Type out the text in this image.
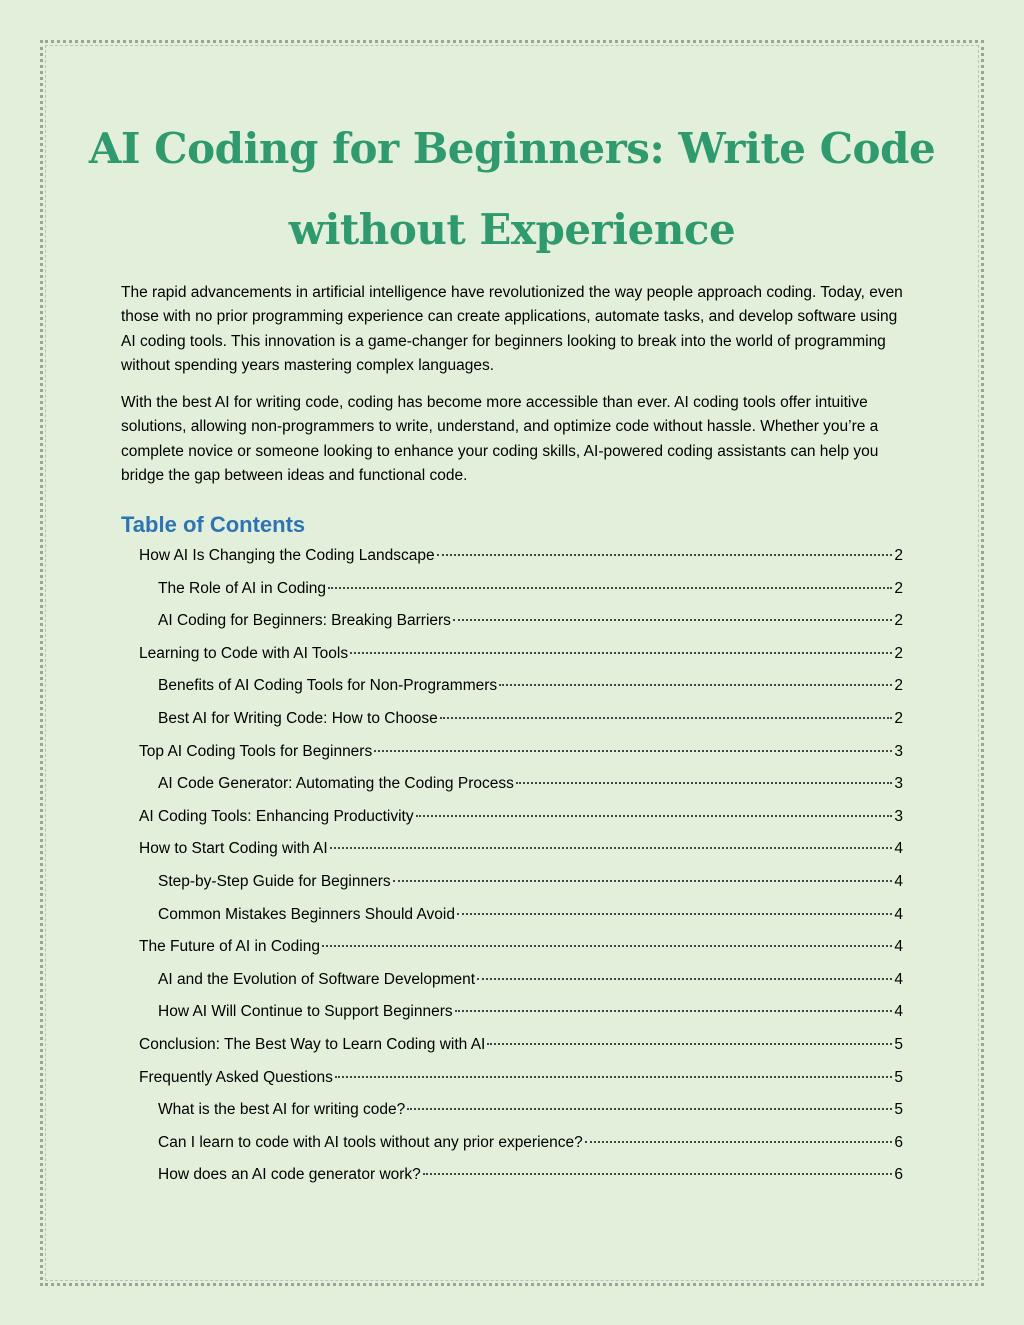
AI Coding for Beginners: Write Code without Experience

The rapid advancements in artificial intelligence have revolutionized the way people approach coding. Today, even those with no prior programming experience can create applications, automate tasks, and develop software using AI coding tools. This innovation is a game-changer for beginners looking to break into the world of programming without spending years mastering complex languages.

With the best AI for writing code, coding has become more accessible than ever. AI coding tools offer intuitive solutions, allowing non-programmers to write, understand, and optimize code without hassle. Whether you’re a complete novice or someone looking to enhance your coding skills, AI-powered coding assistants can help you bridge the gap between ideas and functional code.

Table of Contents
How AI Is Changing the Coding Landscape	2
The Role of AI in Coding	2
AI Coding for Beginners: Breaking Barriers	2
Learning to Code with AI Tools	2
Benefits of AI Coding Tools for Non-Programmers	2
Best AI for Writing Code: How to Choose	2
Top AI Coding Tools for Beginners	3
AI Code Generator: Automating the Coding Process	3
AI Coding Tools: Enhancing Productivity	3
How to Start Coding with AI	4
Step-by-Step Guide for Beginners	4
Common Mistakes Beginners Should Avoid	4
The Future of AI in Coding	4
AI and the Evolution of Software Development	4
How AI Will Continue to Support Beginners	4
Conclusion: The Best Way to Learn Coding with AI	5
Frequently Asked Questions	5
What is the best AI for writing code?	5
Can I learn to code with AI tools without any prior experience?	6
How does an AI code generator work?	6
